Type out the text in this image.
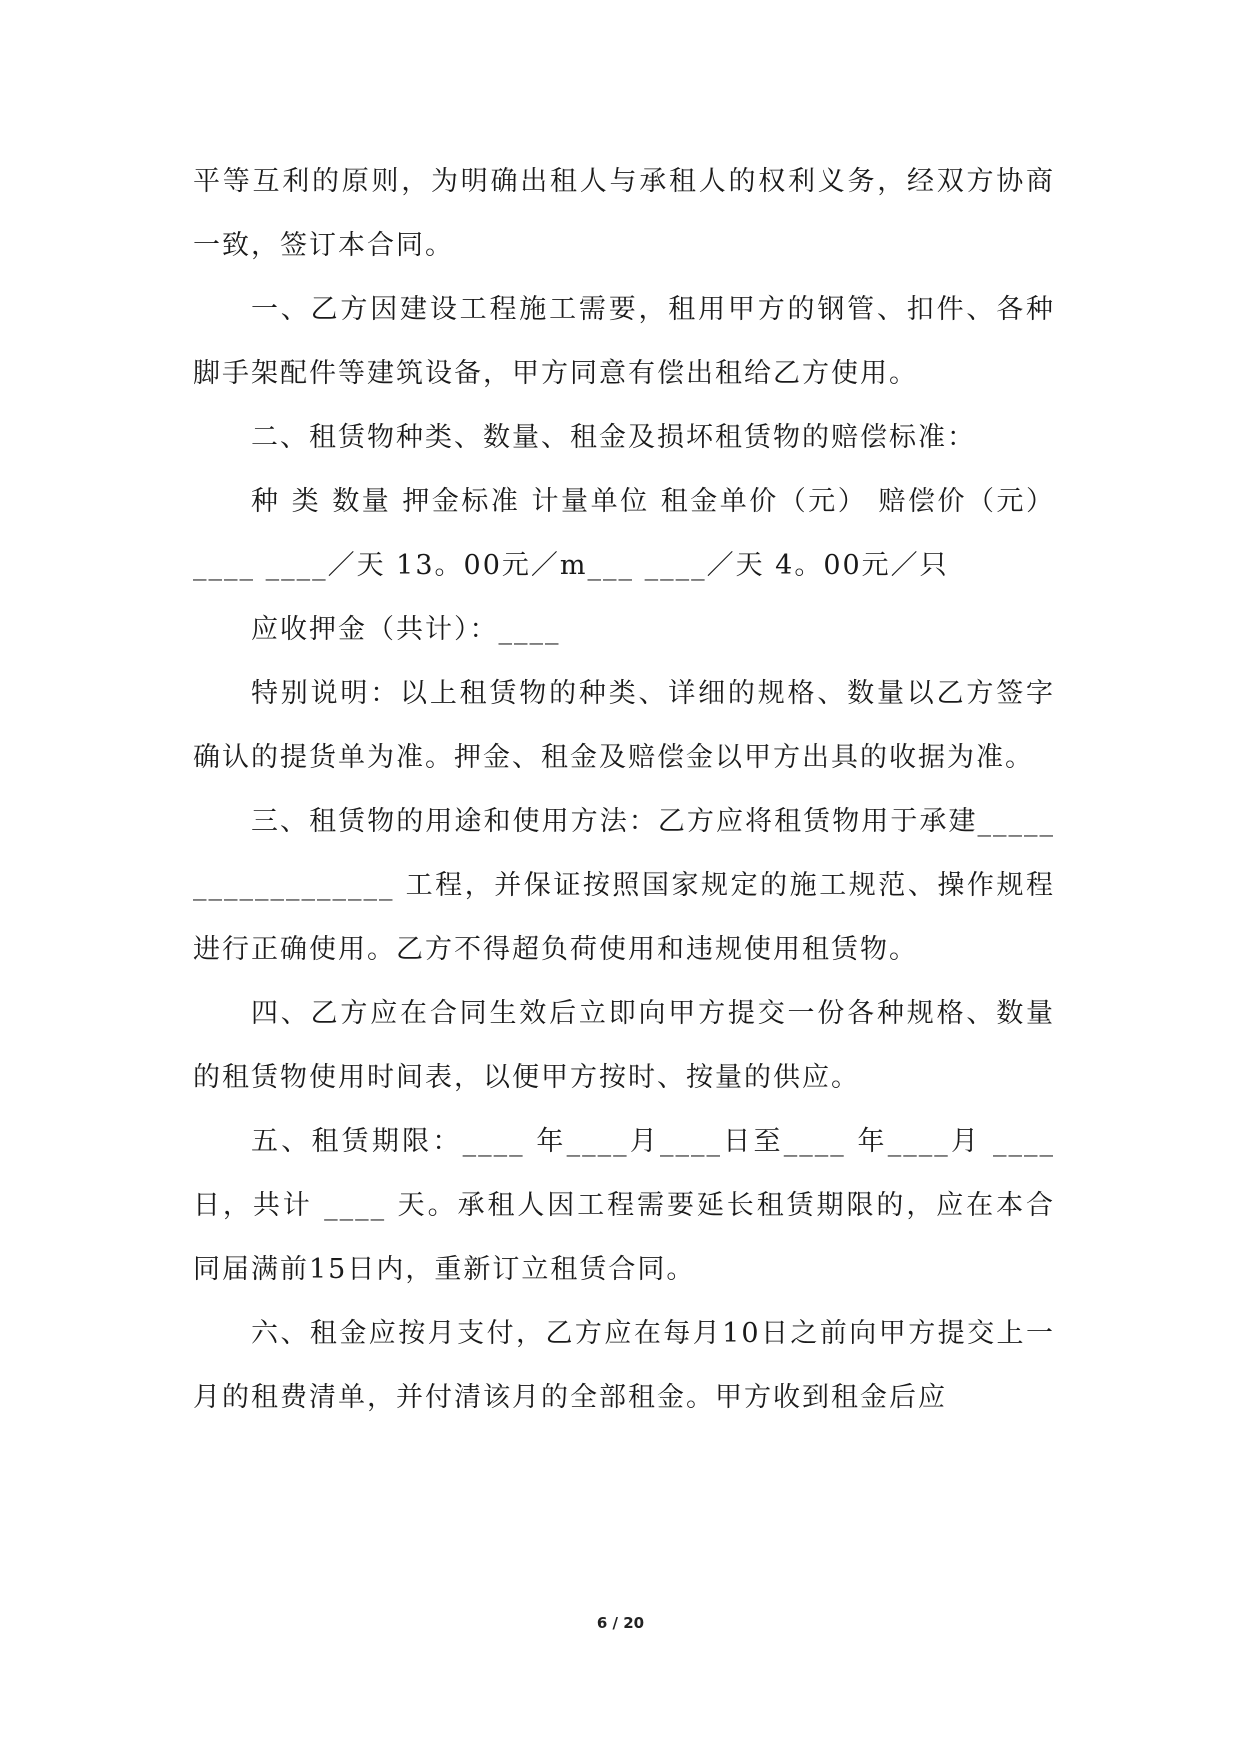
平等互利的原则，为明确出租人与承租人的权利义务，经双方协商一致，签订本合同。

一、乙方因建设工程施工需要，租用甲方的钢管、扣件、各种脚手架配件等建筑设备，甲方同意有偿出租给乙方使用。

二、租赁物种类、数量、租金及损坏租赁物的赔偿标准：

种 类 数量 押金标准 计量单位 租金单价（元） 赔偿价（元） ____ ____／天 13。00元／m___ ____／天 4。00元／只

应收押金（共计）：____

特别说明：以上租赁物的种类、详细的规格、数量以乙方签字确认的提货单为准。押金、租金及赔偿金以甲方出具的收据为准。

三、租赁物的用途和使用方法：乙方应将租赁物用于承建__________________ 工程，并保证按照国家规定的施工规范、操作规程进行正确使用。乙方不得超负荷使用和违规使用租赁物。

四、乙方应在合同生效后立即向甲方提交一份各种规格、数量的租赁物使用时间表，以便甲方按时、按量的供应。

五、租赁期限：____ 年____月____日至____ 年____月 ____日，共计 ____ 天。承租人因工程需要延长租赁期限的，应在本合同届满前15日内，重新订立租赁合同。

六、租金应按月支付，乙方应在每月10日之前向甲方提交上一月的租费清单，并付清该月的全部租金。甲方收到租金后应

6 / 20
